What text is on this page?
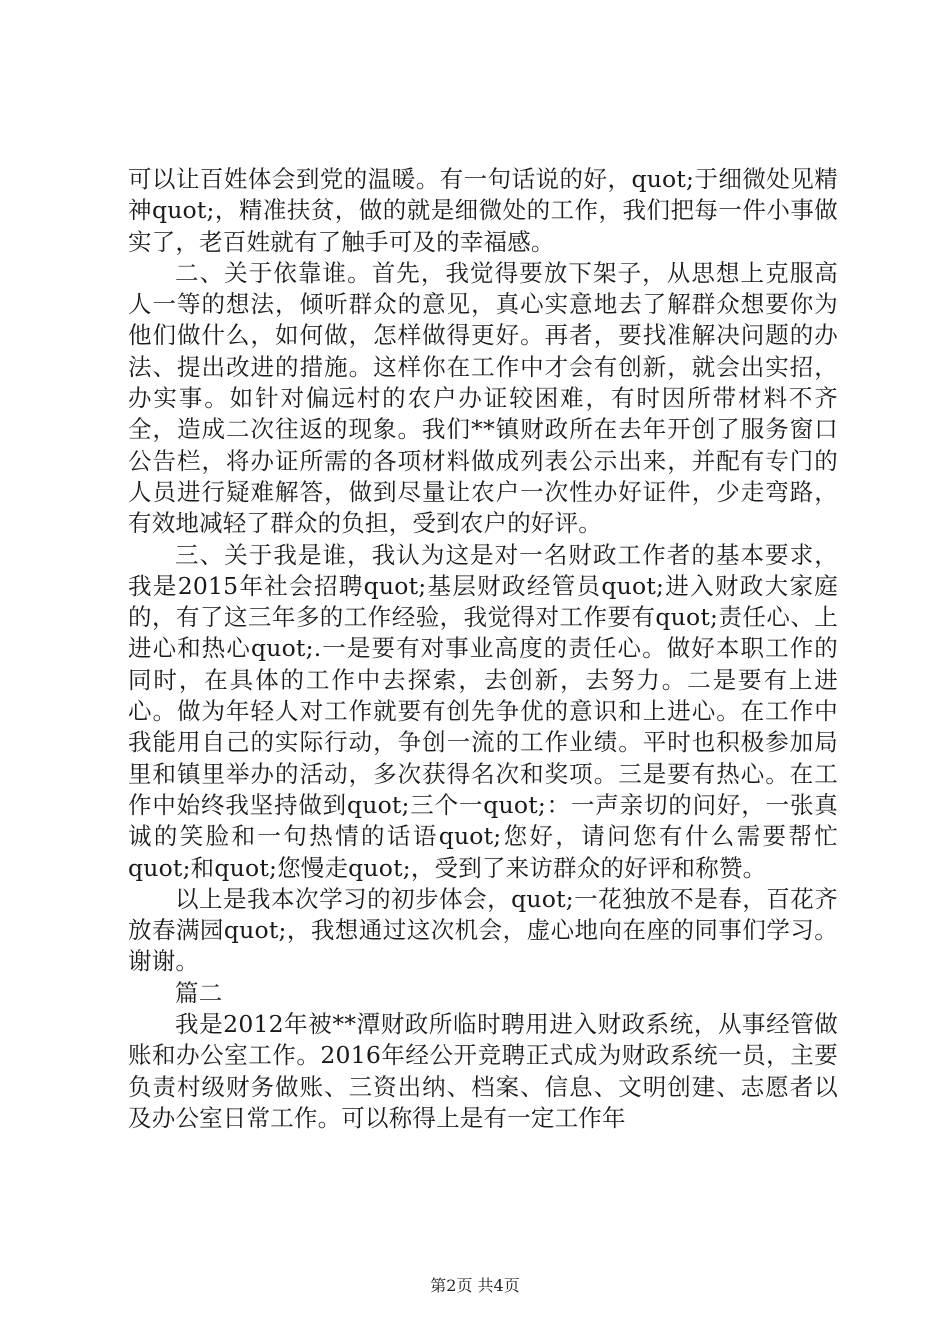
可以让百姓体会到党的温暖。有一句话说的好，quot;于细微处见精神quot;，精准扶贫，做的就是细微处的工作，我们把每一件小事做实了，老百姓就有了触手可及的幸福感。

二、关于依靠谁。首先，我觉得要放下架子，从思想上克服高人一等的想法，倾听群众的意见，真心实意地去了解群众想要你为他们做什么，如何做，怎样做得更好。再者，要找准解决问题的办法、提出改进的措施。这样你在工作中才会有创新，就会出实招，办实事。如针对偏远村的农户办证较困难，有时因所带材料不齐全，造成二次往返的现象。我们**镇财政所在去年开创了服务窗口公告栏，将办证所需的各项材料做成列表公示出来，并配有专门的人员进行疑难解答，做到尽量让农户一次性办好证件，少走弯路，有效地减轻了群众的负担，受到农户的好评。

三、关于我是谁，我认为这是对一名财政工作者的基本要求，我是2015年社会招聘quot;基层财政经管员quot;进入财政大家庭的，有了这三年多的工作经验，我觉得对工作要有quot;责任心、上进心和热心quot;.一是要有对事业高度的责任心。做好本职工作的同时，在具体的工作中去探索，去创新，去努力。二是要有上进心。做为年轻人对工作就要有创先争优的意识和上进心。在工作中我能用自己的实际行动，争创一流的工作业绩。平时也积极参加局里和镇里举办的活动，多次获得名次和奖项。三是要有热心。在工作中始终我坚持做到quot;三个一quot;：一声亲切的问好，一张真诚的笑脸和一句热情的话语quot;您好，请问您有什么需要帮忙quot;和quot;您慢走quot;，受到了来访群众的好评和称赞。

以上是我本次学习的初步体会，quot;一花独放不是春，百花齐放春满园quot;，我想通过这次机会，虚心地向在座的同事们学习。谢谢。

篇二

我是2012年被**潭财政所临时聘用进入财政系统，从事经管做账和办公室工作。2016年经公开竞聘正式成为财政系统一员，主要负责村级财务做账、三资出纳、档案、信息、文明创建、志愿者以及办公室日常工作。可以称得上是有一定工作年

第2页 共4页
